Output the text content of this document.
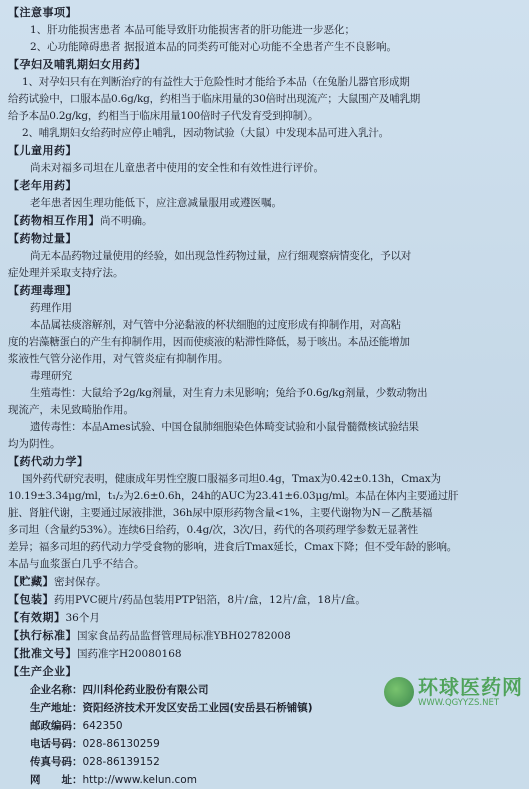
【注意事项】
1、肝功能损害患者 本品可能导致肝功能损害者的肝功能进一步恶化；
2、心功能障碍患者 据报道本品的同类药可能对心功能不全患者产生不良影响。
【孕妇及哺乳期妇女用药】
1、对孕妇只有在判断治疗的有益性大于危险性时才能给予本品（在兔胎儿器官形成期
给药试验中，口服本品0.6g/kg，约相当于临床用量的30倍时出现流产；大鼠围产及哺乳期
给予本品0.2g/kg，约相当于临床用量100倍时子代发育受到抑制）。
2、哺乳期妇女给药时应停止哺乳，因动物试验（大鼠）中发现本品可进入乳汁。
【儿童用药】
尚未对福多司坦在儿童患者中使用的安全性和有效性进行评价。
【老年用药】
老年患者因生理功能低下，应注意减量服用或遵医嘱。
【药物相互作用】尚不明确。
【药物过量】
尚无本品药物过量使用的经验，如出现急性药物过量，应行细观察病情变化，予以对
症处理并采取支持疗法。
【药理毒理】
药理作用
本品属祛痰溶解剂，对气管中分泌黏液的杯状细胞的过度形成有抑制作用，对高粘
度的岩藻糖蛋白的产生有抑制作用，因而使痰液的粘滞性降低，易于咳出。本品还能增加
浆液性气管分泌作用，对气管炎症有抑制作用。
毒理研究
生殖毒性：大鼠给予2g/kg剂量，对生育力未见影响；兔给予0.6g/kg剂量，少数动物出
现流产，未见致畸胎作用。
遗传毒性：本品Ames试验、中国仓鼠肺细胞染色体畸变试验和小鼠骨髓微核试验结果
均为阴性。
【药代动力学】
国外药代研究表明，健康成年男性空腹口服福多司坦0.4g，Tmax为0.42±0.13h，Cmax为
10.19±3.34μg/ml，t₁/₂为2.6±0.6h，24h的AUC为23.41±6.03μg/ml。本品在体内主要通过肝
脏、肾脏代谢，主要通过尿液排泄，36h尿中原形药物含量<1%，主要代谢物为N－乙酰基福
多司坦（含量约53%）。连续6日给药，0.4g/次，3次/日，药代的各项药理学参数无显著性
差异；福多司坦的药代动力学受食物的影响，进食后Tmax延长，Cmax下降；但不受年龄的影响。
本品与血浆蛋白几乎不结合。
【贮藏】密封保存。
【包装】药用PVC硬片/药品包装用PTP铝箔，8片/盒，12片/盒，18片/盒。
【有效期】36个月
【执行标准】国家食品药品监督管理局标准YBH02782008
【批准文号】国药准字H20080168
【生产企业】
企业名称： 四川科伦药业股份有限公司
生产地址： 资阳经济技术开发区安岳工业园(安岳县石桥铺镇)
邮政编码： 642350
电话号码： 028-86130259
传真号码： 028-86139152
网　　址： http://www.kelun.com
环球医药网
WWW.QGYYZS.NET
